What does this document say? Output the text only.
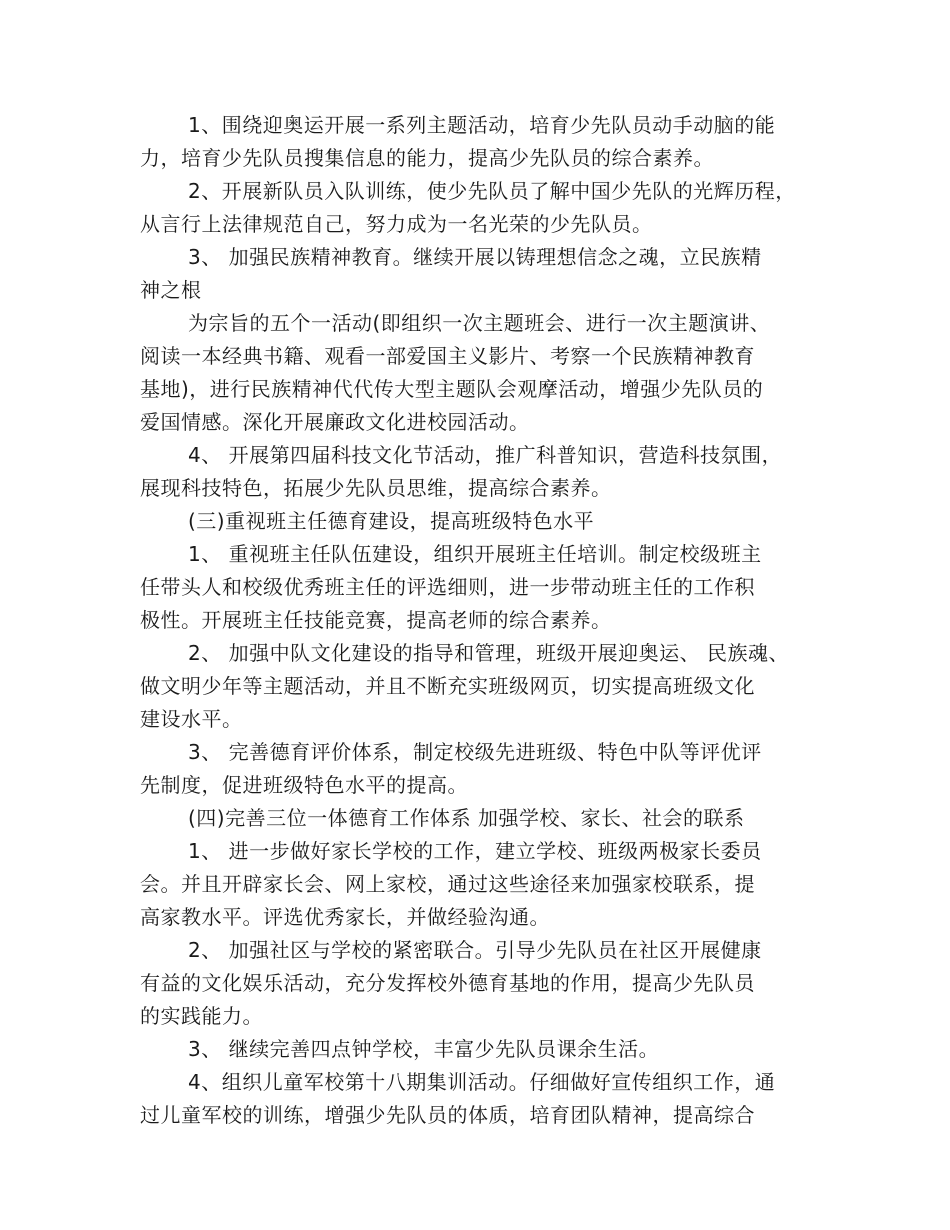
1、围绕迎奥运开展一系列主题活动，培育少先队员动手动脑的能
力，培育少先队员搜集信息的能力，提高少先队员的综合素养。
2、开展新队员入队训练，使少先队员了解中国少先队的光辉历程，
从言行上法律规范自己，努力成为一名光荣的少先队员。
3、 加强民族精神教育。继续开展以铸理想信念之魂，立民族精
神之根
为宗旨的五个一活动(即组织一次主题班会、进行一次主题演讲、
阅读一本经典书籍、观看一部爱国主义影片、考察一个民族精神教育
基地)，进行民族精神代代传大型主题队会观摩活动，增强少先队员的
爱国情感。深化开展廉政文化进校园活动。
4、 开展第四届科技文化节活动，推广科普知识，营造科技氛围，
展现科技特色，拓展少先队员思维，提高综合素养。
(三)重视班主任德育建设，提高班级特色水平
1、 重视班主任队伍建设，组织开展班主任培训。制定校级班主
任带头人和校级优秀班主任的评选细则，进一步带动班主任的工作积
极性。开展班主任技能竞赛，提高老师的综合素养。
2、 加强中队文化建设的指导和管理，班级开展迎奥运、 民族魂、
做文明少年等主题活动，并且不断充实班级网页，切实提高班级文化
建设水平。
3、 完善德育评价体系，制定校级先进班级、特色中队等评优评
先制度，促进班级特色水平的提高。
(四)完善三位一体德育工作体系 加强学校、家长、社会的联系
1、 进一步做好家长学校的工作，建立学校、班级两极家长委员
会。并且开辟家长会、网上家校，通过这些途径来加强家校联系，提
高家教水平。评选优秀家长，并做经验沟通。
2、 加强社区与学校的紧密联合。引导少先队员在社区开展健康
有益的文化娱乐活动，充分发挥校外德育基地的作用，提高少先队员
的实践能力。
3、 继续完善四点钟学校，丰富少先队员课余生活。
4、组织儿童军校第十八期集训活动。仔细做好宣传组织工作，通
过儿童军校的训练，增强少先队员的体质，培育团队精神，提高综合
